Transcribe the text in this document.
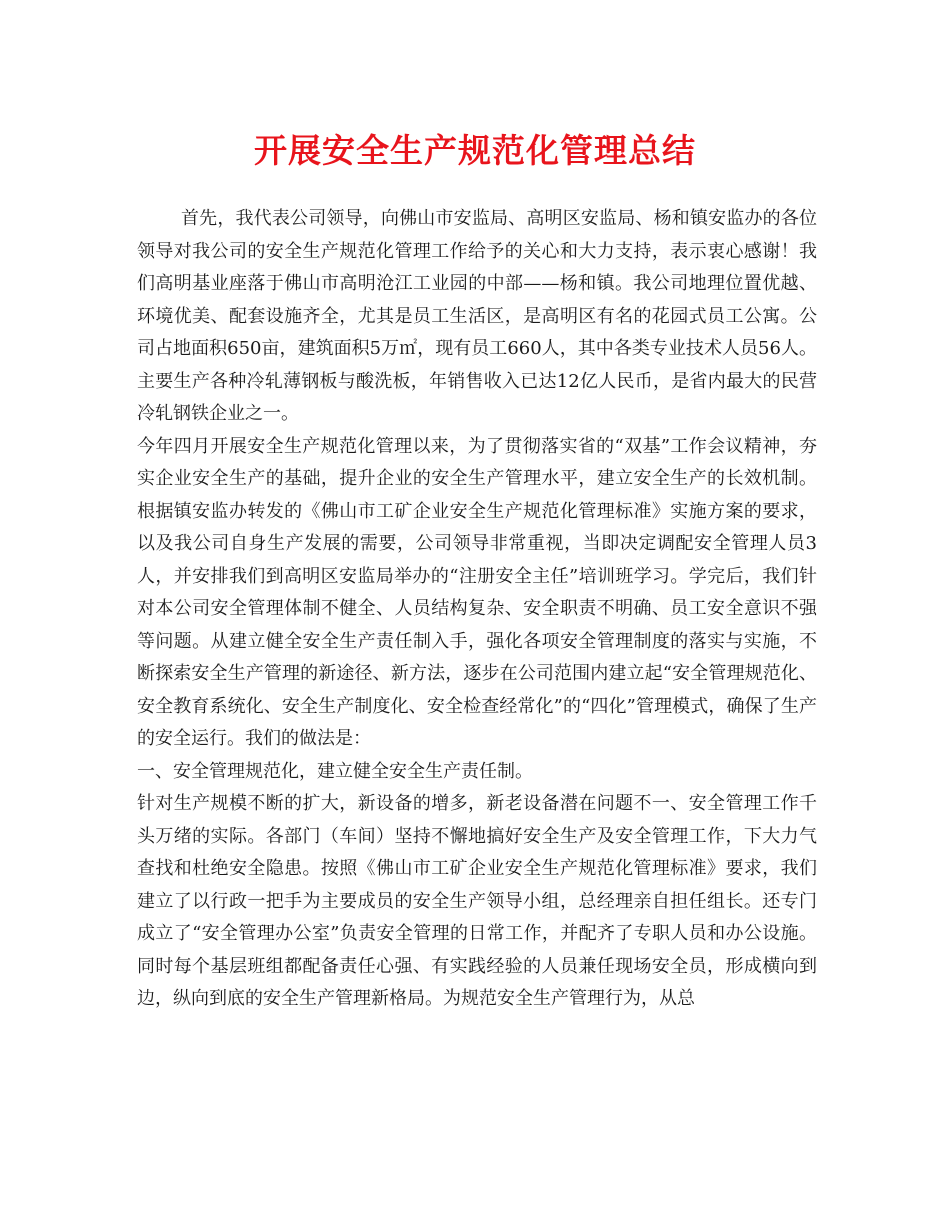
开展安全生产规范化管理总结

首先，我代表公司领导，向佛山市安监局、高明区安监局、杨和镇安监办的各位领导对我公司的安全生产规范化管理工作给予的关心和大力支持，表示衷心感谢！我们高明基业座落于佛山市高明沧江工业园的中部——杨和镇。我公司地理位置优越、环境优美、配套设施齐全，尤其是员工生活区，是高明区有名的花园式员工公寓。公司占地面积650亩，建筑面积5万㎡，现有员工660人，其中各类专业技术人员56人。主要生产各种冷轧薄钢板与酸洗板，年销售收入已达12亿人民币，是省内最大的民营冷轧钢铁企业之一。

今年四月开展安全生产规范化管理以来，为了贯彻落实省的“双基”工作会议精神，夯实企业安全生产的基础，提升企业的安全生产管理水平，建立安全生产的长效机制。根据镇安监办转发的《佛山市工矿企业安全生产规范化管理标准》实施方案的要求，以及我公司自身生产发展的需要，公司领导非常重视，当即决定调配安全管理人员3人，并安排我们到高明区安监局举办的“注册安全主任”培训班学习。学完后，我们针对本公司安全管理体制不健全、人员结构复杂、安全职责不明确、员工安全意识不强等问题。从建立健全安全生产责任制入手，强化各项安全管理制度的落实与实施，不断探索安全生产管理的新途径、新方法，逐步在公司范围内建立起“安全管理规范化、安全教育系统化、安全生产制度化、安全检查经常化”的“四化”管理模式，确保了生产的安全运行。我们的做法是：

一、安全管理规范化，建立健全安全生产责任制。

针对生产规模不断的扩大，新设备的增多，新老设备潜在问题不一、安全管理工作千头万绪的实际。各部门（车间）坚持不懈地搞好安全生产及安全管理工作，下大力气查找和杜绝安全隐患。按照《佛山市工矿企业安全生产规范化管理标准》要求，我们建立了以行政一把手为主要成员的安全生产领导小组，总经理亲自担任组长。还专门成立了“安全管理办公室”负责安全管理的日常工作，并配齐了专职人员和办公设施。同时每个基层班组都配备责任心强、有实践经验的人员兼任现场安全员，形成横向到边，纵向到底的安全生产管理新格局。为规范安全生产管理行为，从总
